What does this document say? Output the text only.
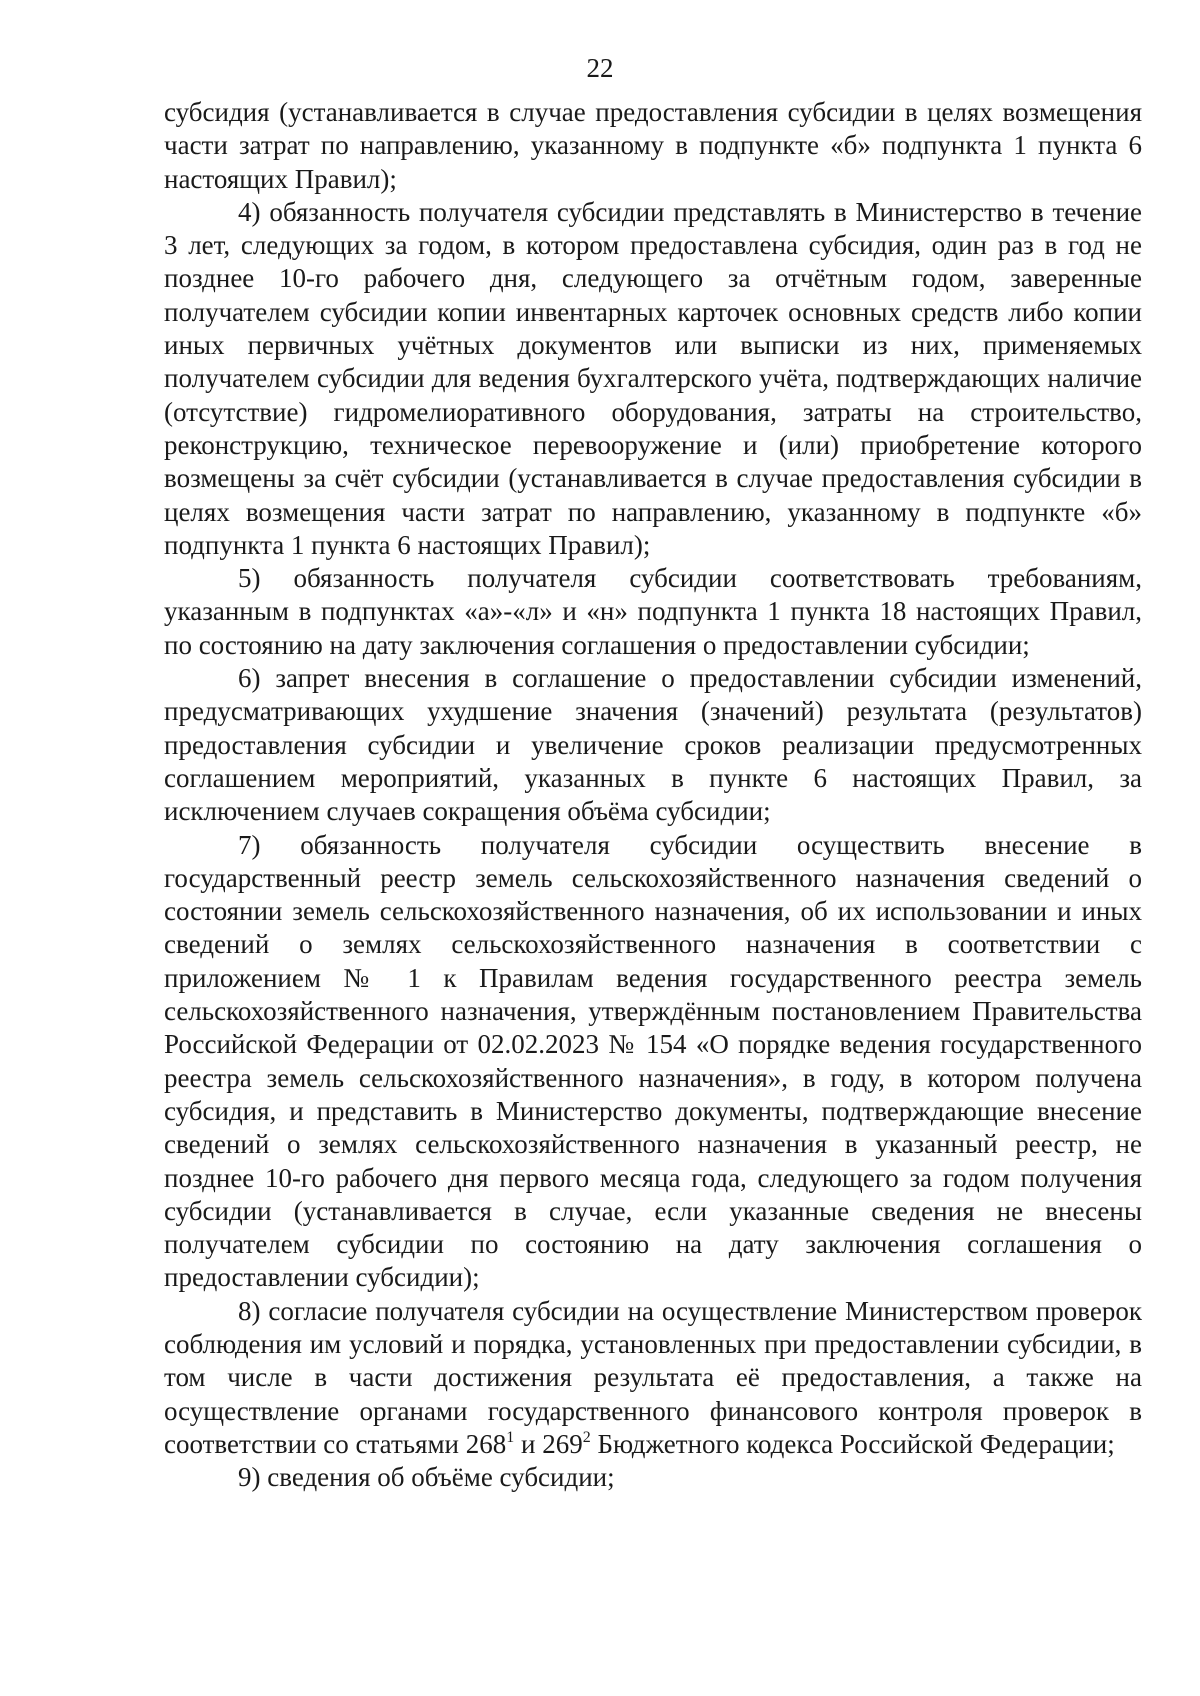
22

субсидия (устанавливается в случае предоставления субсидии в целях возмещения части затрат по направлению, указанному в подпункте «б» подпункта 1 пункта 6 настоящих Правил);

4) обязанность получателя субсидии представлять в Министерство в течение 3 лет, следующих за годом, в котором предоставлена субсидия, один раз в год не позднее 10-го рабочего дня, следующего за отчётным годом, заверенные получателем субсидии копии инвентарных карточек основных средств либо копии иных первичных учётных документов или выписки из них, применяемых получателем субсидии для ведения бухгалтерского учёта, подтверждающих наличие (отсутствие) гидромелиоративного оборудования, затраты на строительство, реконструкцию, техническое перевооружение и (или) приобретение которого возмещены за счёт субсидии (устанавливается в случае предоставления субсидии в целях возмещения части затрат по направлению, указанному в подпункте «б» подпункта 1 пункта 6 настоящих Правил);

5) обязанность получателя субсидии соответствовать требованиям, указанным в подпунктах «а»-«л» и «н» подпункта 1 пункта 18 настоящих Правил, по состоянию на дату заключения соглашения о предоставлении субсидии;

6) запрет внесения в соглашение о предоставлении субсидии изменений, предусматривающих ухудшение значения (значений) результата (результатов) предоставления субсидии и увеличение сроков реализации предусмотренных соглашением мероприятий, указанных в пункте 6 настоящих Правил, за исключением случаев сокращения объёма субсидии;

7) обязанность получателя субсидии осуществить внесение в государственный реестр земель сельскохозяйственного назначения сведений о состоянии земель сельскохозяйственного назначения, об их использовании и иных сведений о землях сельскохозяйственного назначения в соответствии с приложением № 1 к Правилам ведения государственного реестра земель сельскохозяйственного назначения, утверждённым постановлением Правительства Российской Федерации от 02.02.2023 № 154 «О порядке ведения государственного реестра земель сельскохозяйственного назначения», в году, в котором получена субсидия, и представить в Министерство документы, подтверждающие внесение сведений о землях сельскохозяйственного назначения в указанный реестр, не позднее 10-го рабочего дня первого месяца года, следующего за годом получения субсидии (устанавливается в случае, если указанные сведения не внесены получателем субсидии по состоянию на дату заключения соглашения о предоставлении субсидии);

8) согласие получателя субсидии на осуществление Министерством проверок соблюдения им условий и порядка, установленных при предоставлении субсидии, в том числе в части достижения результата её предоставления, а также на осуществление органами государственного финансового контроля проверок в соответствии со статьями $268^1$ и $269^2$ Бюджетного кодекса Российской Федерации;

9) сведения об объёме субсидии;
